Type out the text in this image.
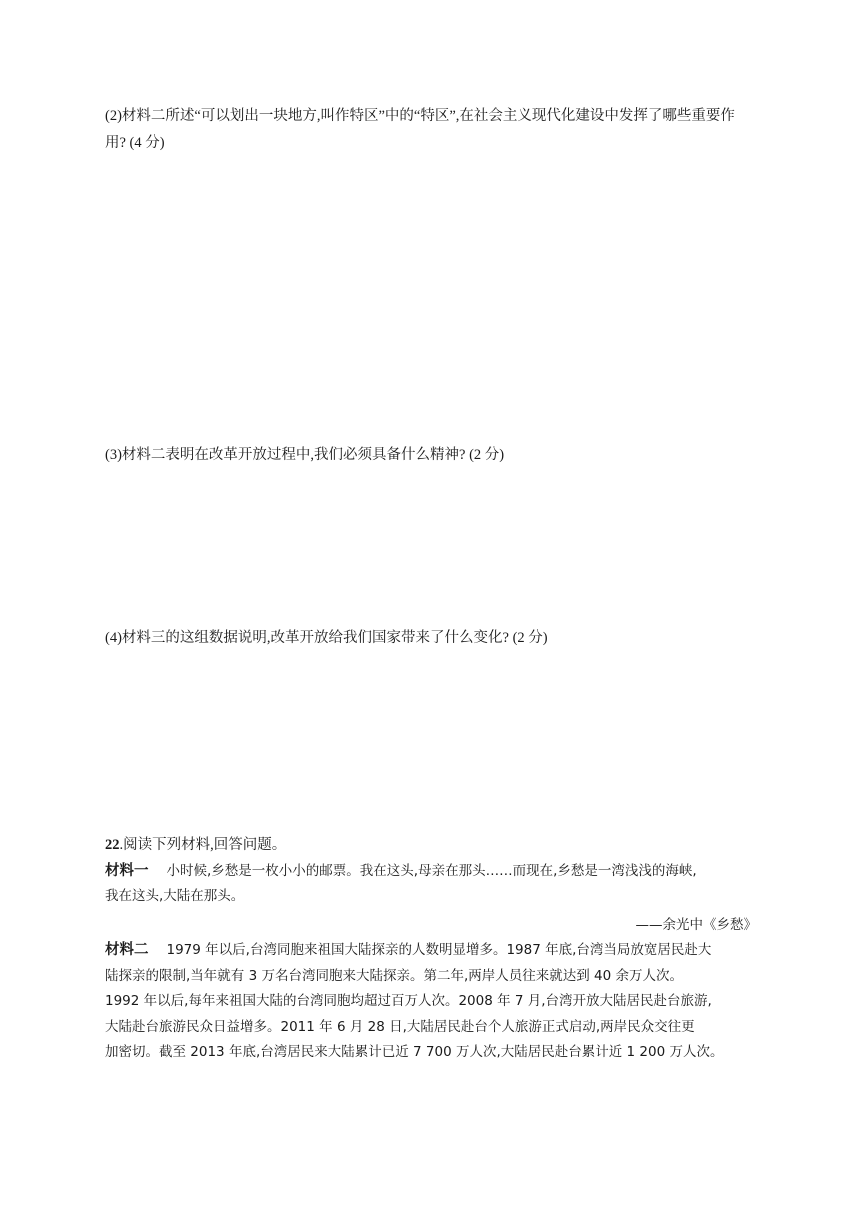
(2)材料二所述“可以划出一块地方,叫作特区”中的“特区”,在社会主义现代化建设中发挥了哪些重要作用? (4 分)

(3)材料二表明在改革开放过程中,我们必须具备什么精神? (2 分)

(4)材料三的这组数据说明,改革开放给我们国家带来了什么变化? (2 分)

22.阅读下列材料,回答问题。

材料一 小时候,乡愁是一枚小小的邮票。我在这头,母亲在那头……而现在,乡愁是一湾浅浅的海峡,

我在这头,大陆在那头。

——余光中《乡愁》

材料二 1979 年以后,台湾同胞来祖国大陆探亲的人数明显增多。1987 年底,台湾当局放宽居民赴大

陆探亲的限制,当年就有 3 万名台湾同胞来大陆探亲。第二年,两岸人员往来就达到 40 余万人次。

1992 年以后,每年来祖国大陆的台湾同胞均超过百万人次。2008 年 7 月,台湾开放大陆居民赴台旅游,

大陆赴台旅游民众日益增多。2011 年 6 月 28 日,大陆居民赴台个人旅游正式启动,两岸民众交往更

加密切。截至 2013 年底,台湾居民来大陆累计已近 7 700 万人次,大陆居民赴台累计近 1 200 万人次。
